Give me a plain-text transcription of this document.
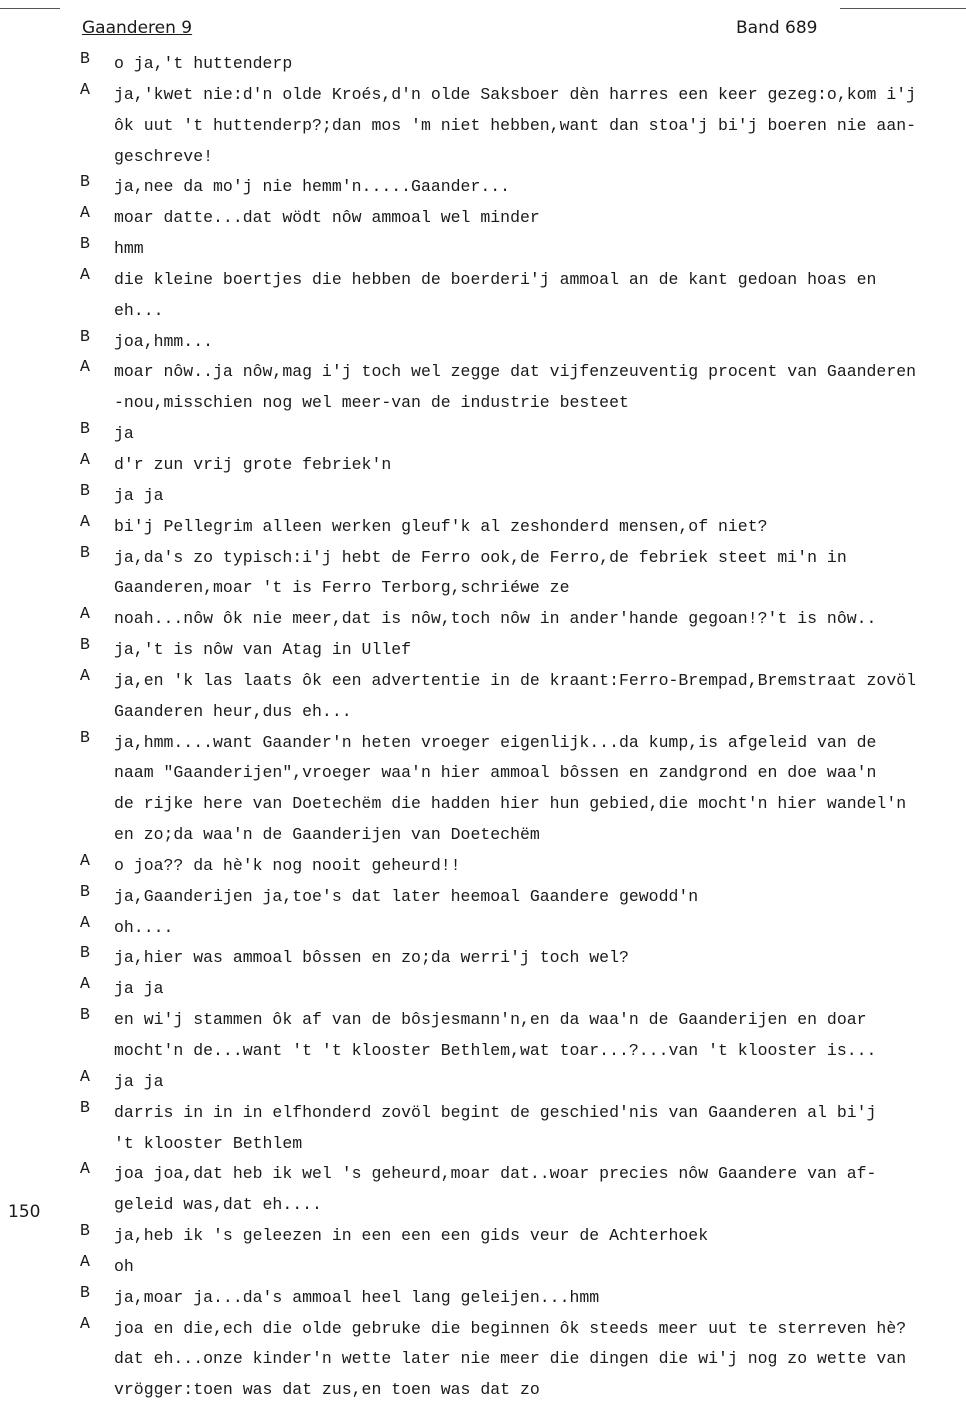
Gaanderen 9	Band 689
150
B	o ja,'t huttenderp
A	ja,'kwet nie:d'n olde Kroés,d'n olde Saksboer dèn harres een keer gezeg:o,kom i'j
ôk uut 't huttenderp?;dan mos 'm niet hebben,want dan stoa'j bi'j boeren nie aan-
geschreve!
B	ja,nee da mo'j nie hemm'n.....Gaander...
A	moar datte...dat wödt nôw ammoal wel minder
B	hmm
A	die kleine boertjes die hebben de boerderi'j ammoal an de kant gedoan hoas en
eh...
B	joa,hmm...
A	moar nôw..ja nôw,mag i'j toch wel zegge dat vijfenzeuventig procent van Gaanderen
-nou,misschien nog wel meer-van de industrie besteet
B	ja
A	d'r zun vrij grote febriek'n
B	ja ja
A	bi'j Pellegrim alleen werken gleuf'k al zeshonderd mensen,of niet?
B	ja,da's zo typisch:i'j hebt de Ferro ook,de Ferro,de febriek steet mi'n in
Gaanderen,moar 't is Ferro Terborg,schriéwe ze
A	noah...nôw ôk nie meer,dat is nôw,toch nôw in ander'hande gegoan!?'t is nôw..
B	ja,'t is nôw van Atag in Ullef
A	ja,en 'k las laats ôk een advertentie in de kraant:Ferro-Brempad,Bremstraat zovöl
Gaanderen heur,dus eh...
B	ja,hmm....want Gaander'n heten vroeger eigenlijk...da kump,is afgeleid van de
naam "Gaanderijen",vroeger waa'n hier ammoal bôssen en zandgrond en doe waa'n
de rijke here van Doetechëm die hadden hier hun gebied,die mocht'n hier wandel'n
en zo;da waa'n de Gaanderijen van Doetechëm
A	o joa?? da hè'k nog nooit geheurd!!
B	ja,Gaanderijen ja,toe's dat later heemoal Gaandere gewodd'n
A	oh....
B	ja,hier was ammoal bôssen en zo;da werri'j toch wel?
A	ja ja
B	en wi'j stammen ôk af van de bôsjesmann'n,en da waa'n de Gaanderijen en doar
mocht'n de...want 't 't klooster Bethlem,wat toar...?...van 't klooster is...
A	ja ja
B	darris in in in elfhonderd zovöl begint de geschied'nis van Gaanderen al bi'j
't klooster Bethlem
A	joa joa,dat heb ik wel 's geheurd,moar dat..woar precies nôw Gaandere van af-
geleid was,dat eh....
B	ja,heb ik 's geleezen in een een een gids veur de Achterhoek
A	oh
B	ja,moar ja...da's ammoal heel lang geleijen...hmm
A	joa en die,ech die olde gebruke die beginnen ôk steeds meer uut te sterreven hè?
dat eh...onze kinder'n wette later nie meer die dingen die wi'j nog zo wette van
vrögger:toen was dat zus,en toen was dat zo
